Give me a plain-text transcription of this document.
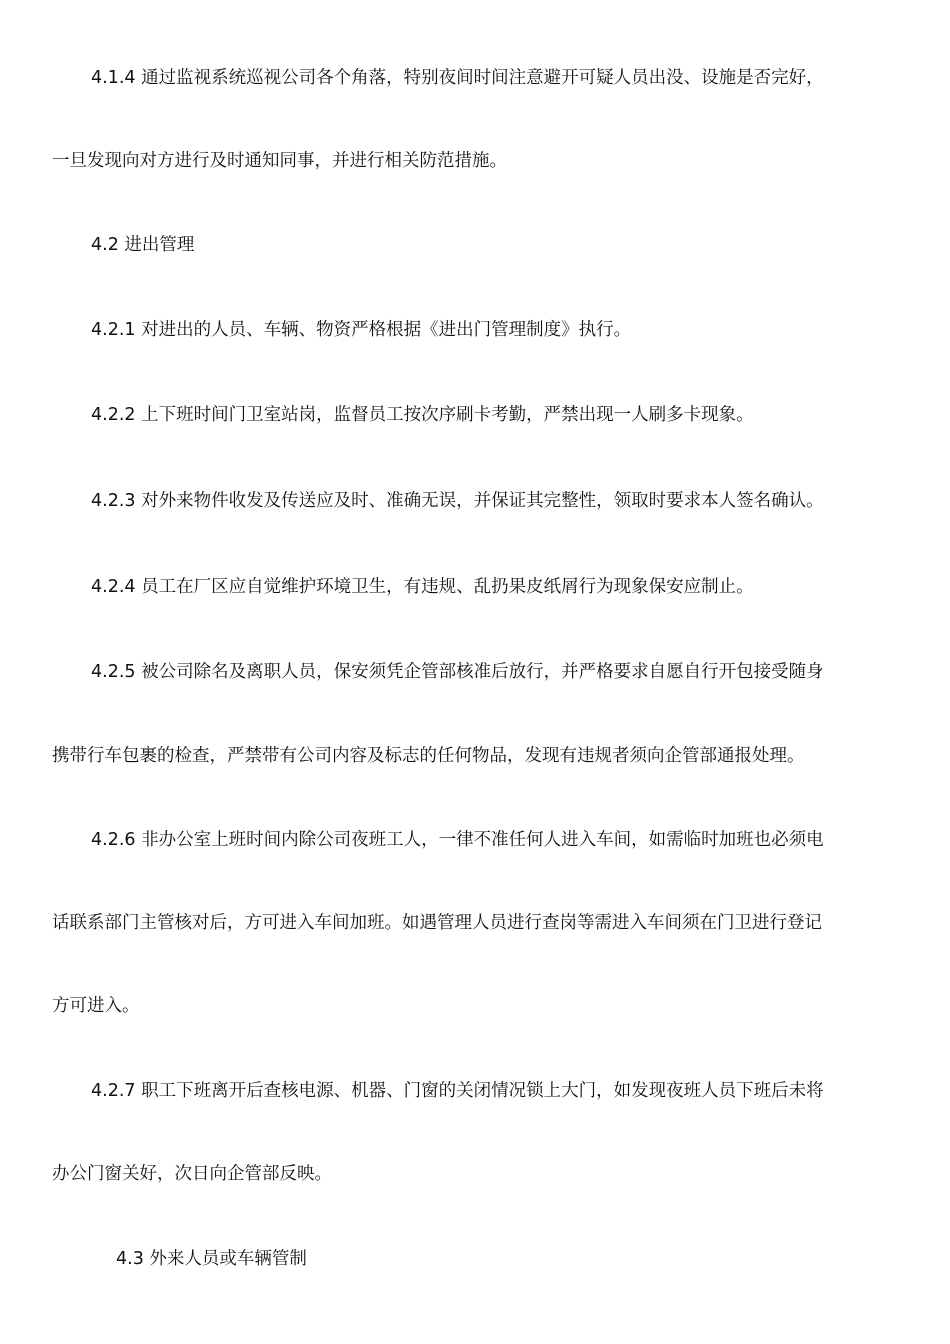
4.1.4 通过监视系统巡视公司各个角落，特别夜间时间注意避开可疑人员出没、设施是否完好，
一旦发现向对方进行及时通知同事，并进行相关防范措施。
4.2 进出管理
4.2.1 对进出的人员、车辆、物资严格根据《进出门管理制度》执行。
4.2.2 上下班时间门卫室站岗，监督员工按次序刷卡考勤，严禁出现一人刷多卡现象。
4.2.3 对外来物件收发及传送应及时、准确无误，并保证其完整性，领取时要求本人签名确认。
4.2.4 员工在厂区应自觉维护环境卫生，有违规、乱扔果皮纸屑行为现象保安应制止。
4.2.5 被公司除名及离职人员，保安须凭企管部核准后放行，并严格要求自愿自行开包接受随身
携带行车包裹的检查，严禁带有公司内容及标志的任何物品，发现有违规者须向企管部通报处理。
4.2.6 非办公室上班时间内除公司夜班工人，一律不准任何人进入车间，如需临时加班也必须电
话联系部门主管核对后，方可进入车间加班。如遇管理人员进行查岗等需进入车间须在门卫进行登记
方可进入。
4.2.7 职工下班离开后查核电源、机器、门窗的关闭情况锁上大门，如发现夜班人员下班后未将
办公门窗关好，次日向企管部反映。
4.3 外来人员或车辆管制
